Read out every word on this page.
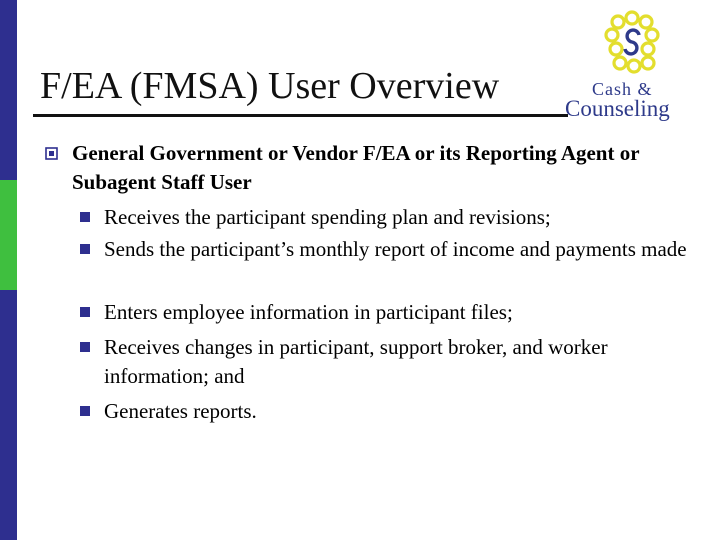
F/EA (FMSA) User Overview	Cash &
Counseling
General Government or Vendor F/EA or its Reporting Agent or Subagent Staff User
Receives the participant spending plan and revisions;
Sends the participant’s monthly report of income and payments made
Enters employee information in participant files;
Receives changes in participant, support broker, and worker information; and
Generates reports.
